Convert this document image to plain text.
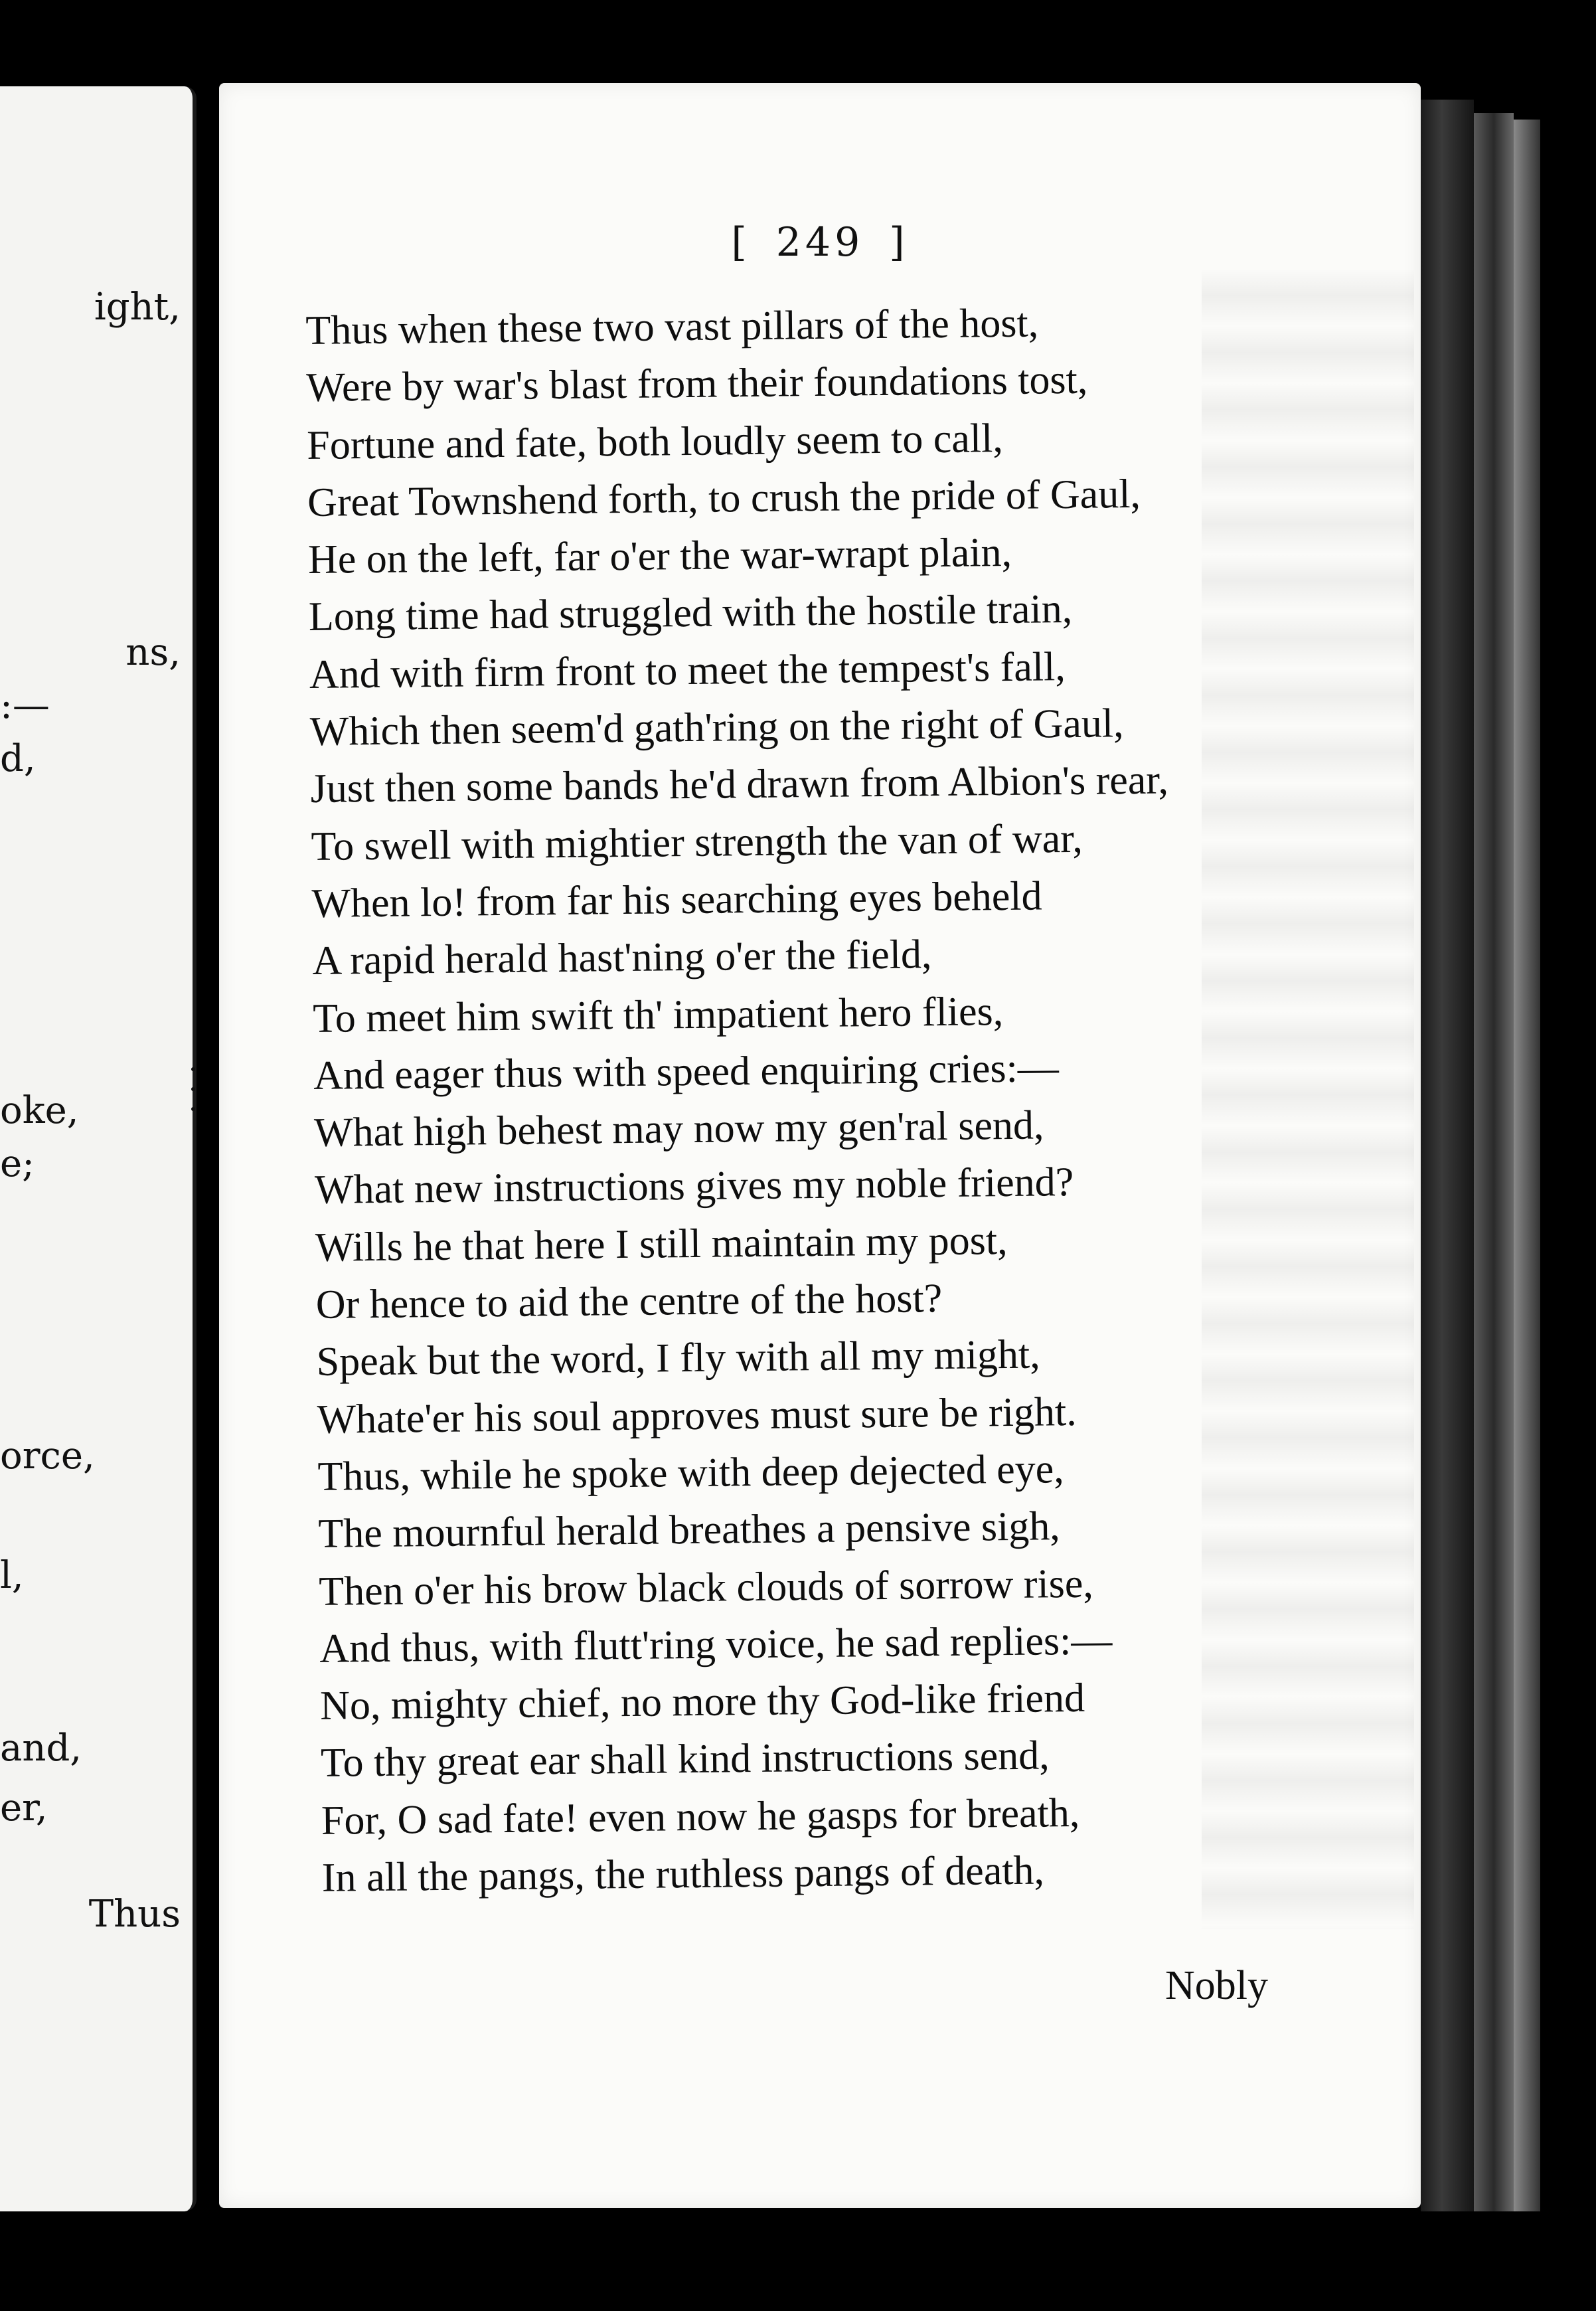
ight,
ns,
:—
d,
oke,
e;
orce,
l,
and,
er,
Thus
[ 249 ]
Thus when these two vast pillars of the host,
Were by war's blast from their foundations tost,
Fortune and fate, both loudly seem to call,
Great Townshend forth, to crush the pride of Gaul,
He on the left, far o'er the war-wrapt plain,
Long time had struggled with the hostile train,
And with firm front to meet the tempest's fall,
Which then seem'd gath'ring on the right of Gaul,
Just then some bands he'd drawn from Albion's rear,
To swell with mightier strength the van of war,
When lo! from far his searching eyes beheld
A rapid herald hast'ning o'er the field,
To meet him swift th' impatient hero flies,
And eager thus with speed enquiring cries:—
What high behest may now my gen'ral send,
What new instructions gives my noble friend?
Wills he that here I still maintain my post,
Or hence to aid the centre of the host?
Speak but the word, I fly with all my might,
Whate'er his soul approves must sure be right.
Thus, while he spoke with deep dejected eye,
The mournful herald breathes a pensive sigh,
Then o'er his brow black clouds of sorrow rise,
And thus, with flutt'ring voice, he sad replies:—
No, mighty chief, no more thy God-like friend
To thy great ear shall kind instructions send,
For, O sad fate! even now he gasps for breath,
In all the pangs, the ruthless pangs of death,
Nobly
